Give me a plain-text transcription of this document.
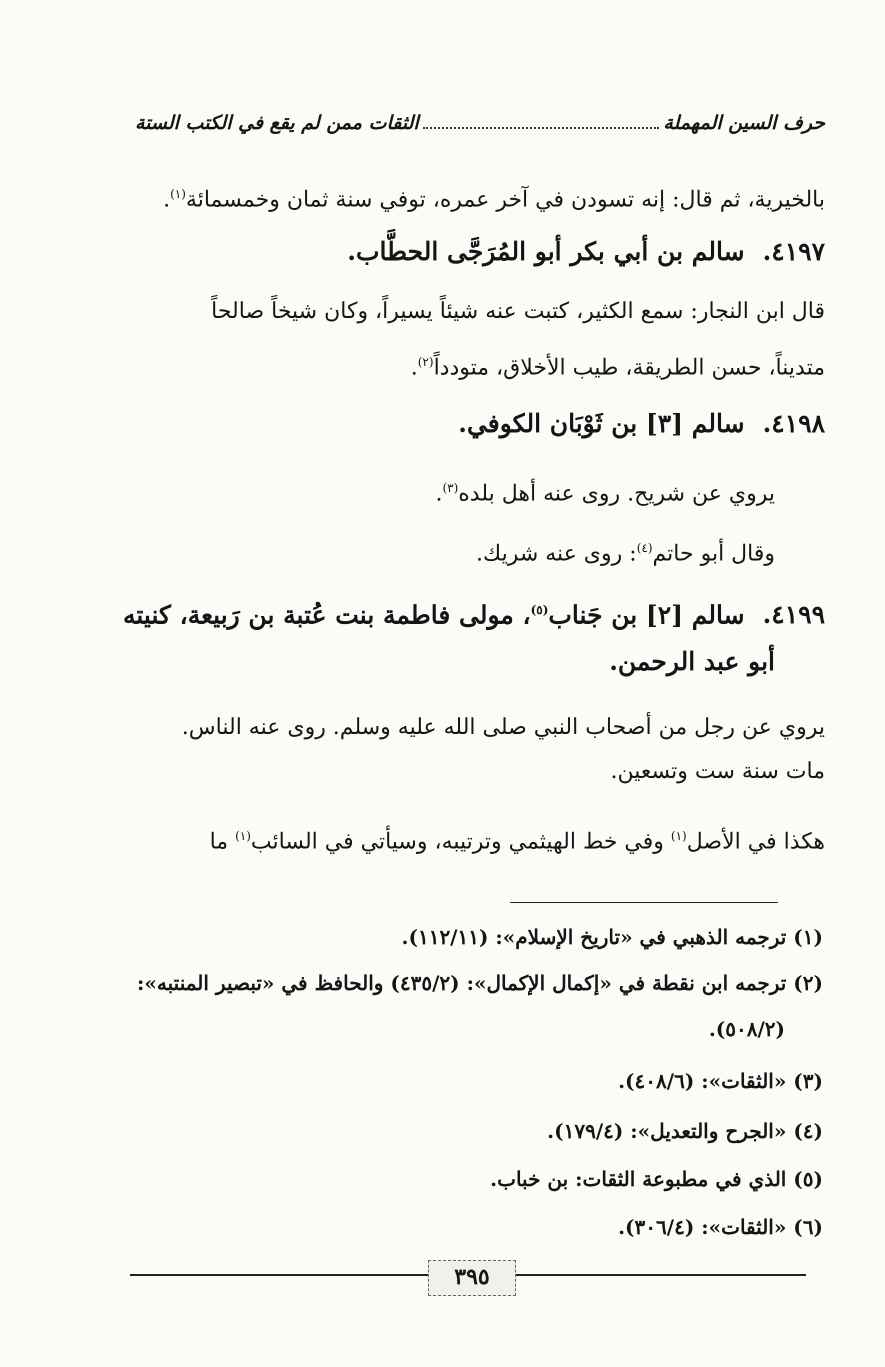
حرف السين المهملة
الثقات ممن لم يقع في الكتب الستة
بالخيرية، ثم قال: إنه تسودن في آخر عمره، توفي سنة ثمان وخمسمائة$^{(١)}$.
٤١٩٧.سالم بن أبي بكر أبو المُرَجَّى الحطَّاب.
قال ابن النجار: سمع الكثير، كتبت عنه شيئاً يسيراً، وكان شيخاً صالحاً
متديناً، حسن الطريقة، طيب الأخلاق، متودداً$^{(٢)}$.
٤١٩٨.سالم [٣] بن ثَوْبَان الكوفي.
يروي عن شريح. روى عنه أهل بلده$^{(٣)}$.
وقال أبو حاتم$^{(٤)}$: روى عنه شريك.
٤١٩٩.سالم [٢] بن جَناب$^{(٥)}$، مولى فاطمة بنت عُتبة بن رَبيعة، كنيته
أبو عبد الرحمن.
يروي عن رجل من أصحاب النبي صلى الله عليه وسلم. روى عنه الناس.
مات سنة ست وتسعين.
هكذا في الأصل$^{(١)}$ وفي خط الهيثمي وترتيبه، وسيأتي في السائب$^{(١)}$ ما
(١) ترجمه الذهبي في «تاريخ الإسلام»: (١١٢/١١).
(٢) ترجمه ابن نقطة في «إكمال الإكمال»: (٤٣٥/٢) والحافظ في «تبصير المنتبه»:
(٥٠٨/٢).
(٣) «الثقات»: (٤٠٨/٦).
(٤) «الجرح والتعديل»: (١٧٩/٤).
(٥) الذي في مطبوعة الثقات: بن خباب.
(٦) «الثقات»: (٣٠٦/٤).
٣٩٥
